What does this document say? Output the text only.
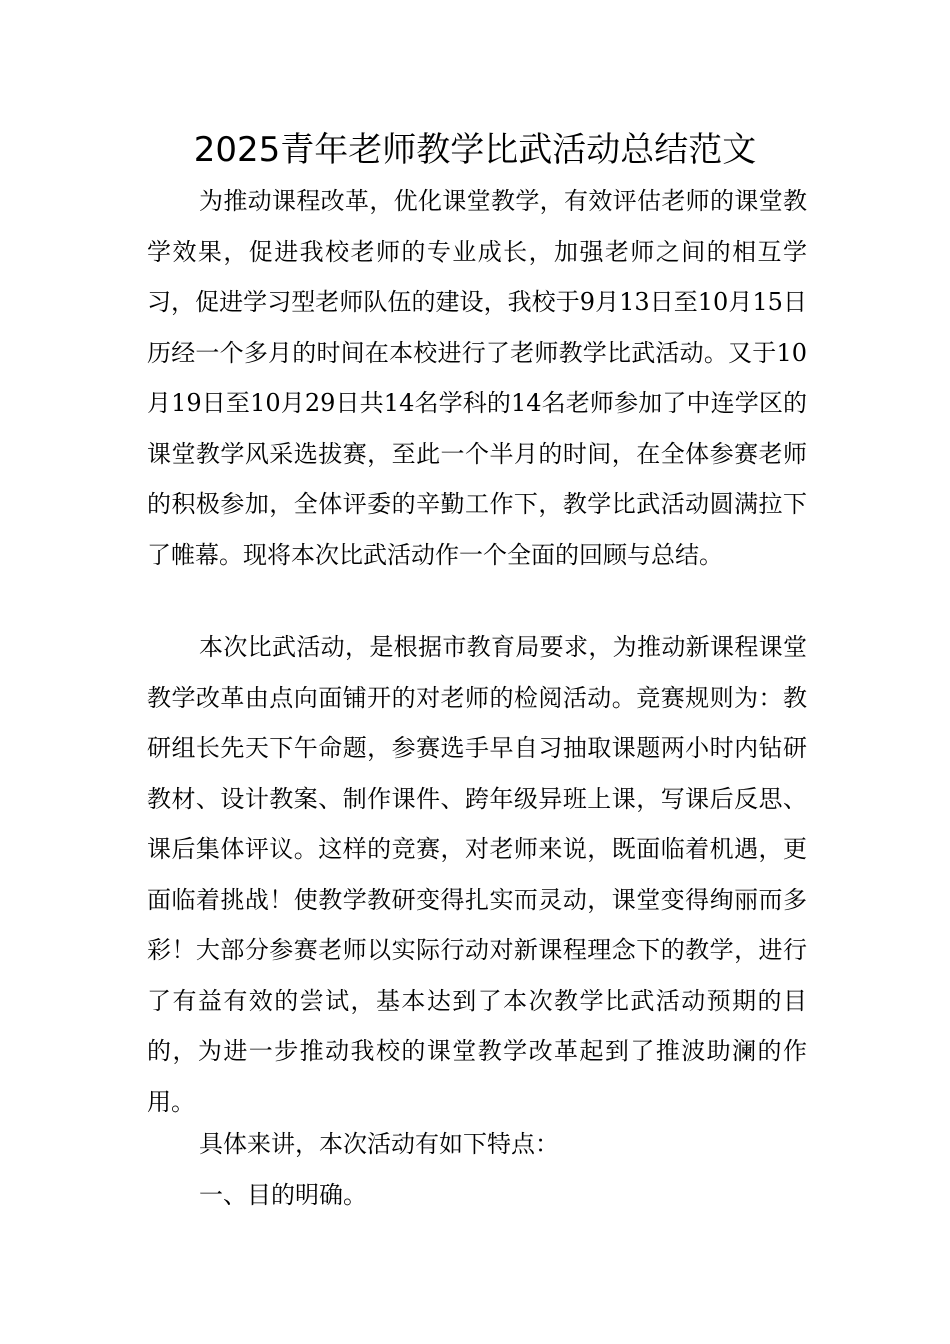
2025青年老师教学比武活动总结范文

为推动课程改革，优化课堂教学，有效评估老师的课堂教学效果，促进我校老师的专业成长，加强老师之间的相互学习，促进学习型老师队伍的建设，我校于9月13日至10月15日历经一个多月的时间在本校进行了老师教学比武活动。又于10月19日至10月29日共14名学科的14名老师参加了中连学区的课堂教学风采选拔赛，至此一个半月的时间，在全体参赛老师的积极参加，全体评委的辛勤工作下，教学比武活动圆满拉下了帷幕。现将本次比武活动作一个全面的回顾与总结。

本次比武活动，是根据市教育局要求，为推动新课程课堂教学改革由点向面铺开的对老师的检阅活动。竞赛规则为：教研组长先天下午命题，参赛选手早自习抽取课题两小时内钻研教材、设计教案、制作课件、跨年级异班上课，写课后反思、课后集体评议。这样的竞赛，对老师来说，既面临着机遇，更面临着挑战！使教学教研变得扎实而灵动，课堂变得绚丽而多彩！大部分参赛老师以实际行动对新课程理念下的教学，进行了有益有效的尝试，基本达到了本次教学比武活动预期的目的，为进一步推动我校的课堂教学改革起到了推波助澜的作用。

具体来讲，本次活动有如下特点：

一、目的明确。
